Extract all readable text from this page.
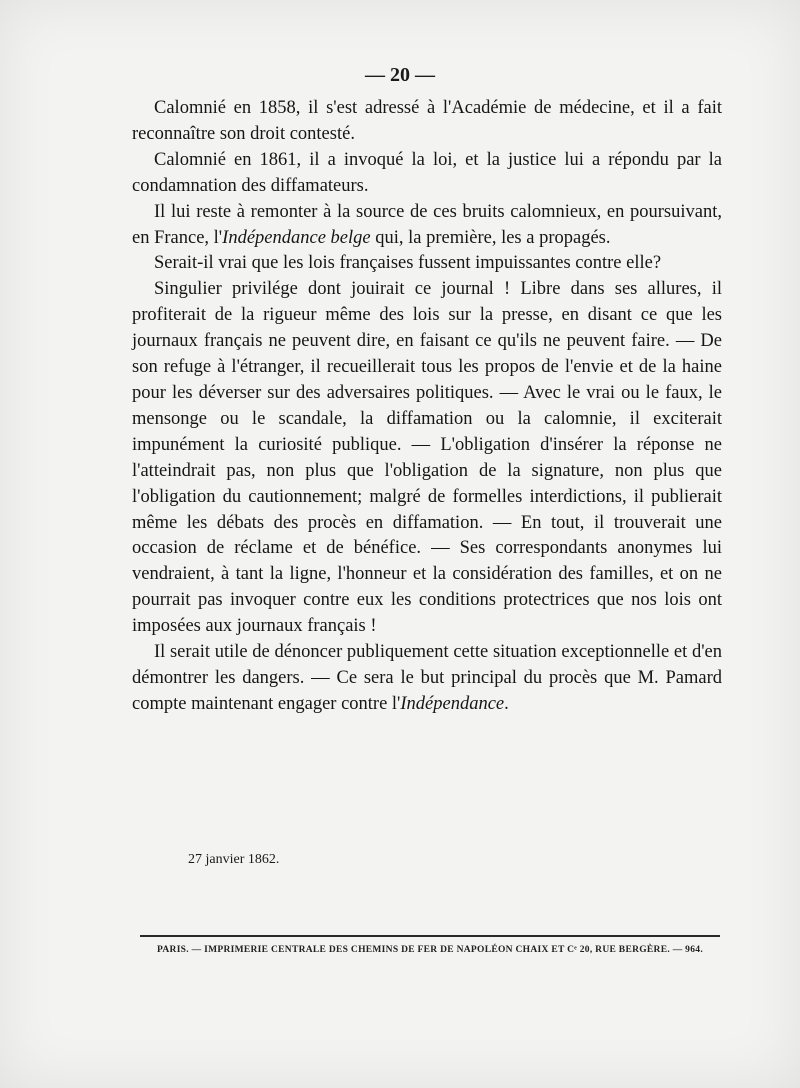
— 20 —

Calomnié en 1858, il s'est adressé à l'Académie de médecine, et il a fait reconnaître son droit contesté.

Calomnié en 1861, il a invoqué la loi, et la justice lui a répondu par la condamnation des diffamateurs.

Il lui reste à remonter à la source de ces bruits calomnieux, en poursuivant, en France, l'Indépendance belge qui, la première, les a propagés.

Serait-il vrai que les lois françaises fussent impuissantes contre elle?

Singulier privilége dont jouirait ce journal ! Libre dans ses allures, il profiterait de la rigueur même des lois sur la presse, en disant ce que les journaux français ne peuvent dire, en faisant ce qu'ils ne peuvent faire. — De son refuge à l'étranger, il recueillerait tous les propos de l'envie et de la haine pour les déverser sur des adversaires politiques. — Avec le vrai ou le faux, le mensonge ou le scandale, la diffamation ou la calomnie, il exciterait impunément la curiosité publique. — L'obligation d'insérer la réponse ne l'atteindrait pas, non plus que l'obligation de la signature, non plus que l'obligation du cautionnement; malgré de formelles interdictions, il publierait même les débats des procès en diffamation. — En tout, il trouverait une occasion de réclame et de bénéfice. — Ses correspondants anonymes lui vendraient, à tant la ligne, l'honneur et la considération des familles, et on ne pourrait pas invoquer contre eux les conditions protectrices que nos lois ont imposées aux journaux français !

Il serait utile de dénoncer publiquement cette situation exceptionnelle et d'en démontrer les dangers. — Ce sera le but principal du procès que M. Pamard compte maintenant engager contre l'Indépendance.

27 janvier 1862.
PARIS. — IMPRIMERIE CENTRALE DES CHEMINS DE FER DE NAPOLÉON CHAIX ET Cᵉ 20, RUE BERGÈRE. — 964.
